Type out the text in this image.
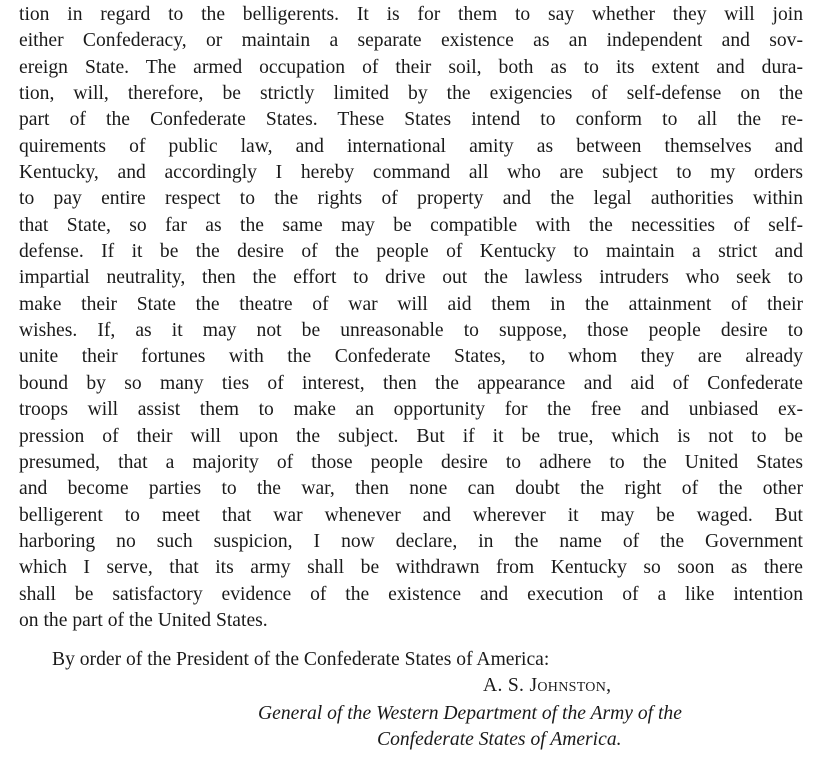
tion in regard to the belligerents. It is for them to say whether they will join
either Confederacy, or maintain a separate existence as an independent and sov-
ereign State. The armed occupation of their soil, both as to its extent and dura-
tion, will, therefore, be strictly limited by the exigencies of self-defense on the
part of the Confederate States. These States intend to conform to all the re-
quirements of public law, and international amity as between themselves and
Kentucky, and accordingly I hereby command all who are subject to my orders
to pay entire respect to the rights of property and the legal authorities within
that State, so far as the same may be compatible with the necessities of self-
defense. If it be the desire of the people of Kentucky to maintain a strict and
impartial neutrality, then the effort to drive out the lawless intruders who seek to
make their State the theatre of war will aid them in the attainment of their
wishes. If, as it may not be unreasonable to suppose, those people desire to
unite their fortunes with the Confederate States, to whom they are already
bound by so many ties of interest, then the appearance and aid of Confederate
troops will assist them to make an opportunity for the free and unbiased ex-
pression of their will upon the subject. But if it be true, which is not to be
presumed, that a majority of those people desire to adhere to the United States
and become parties to the war, then none can doubt the right of the other
belligerent to meet that war whenever and wherever it may be waged. But
harboring no such suspicion, I now declare, in the name of the Government
which I serve, that its army shall be withdrawn from Kentucky so soon as there
shall be satisfactory evidence of the existence and execution of a like intention
on the part of the United States.
By order of the President of the Confederate States of America:
A. S. Johnston,
General of the Western Department of the Army of the
Confederate States of America.
